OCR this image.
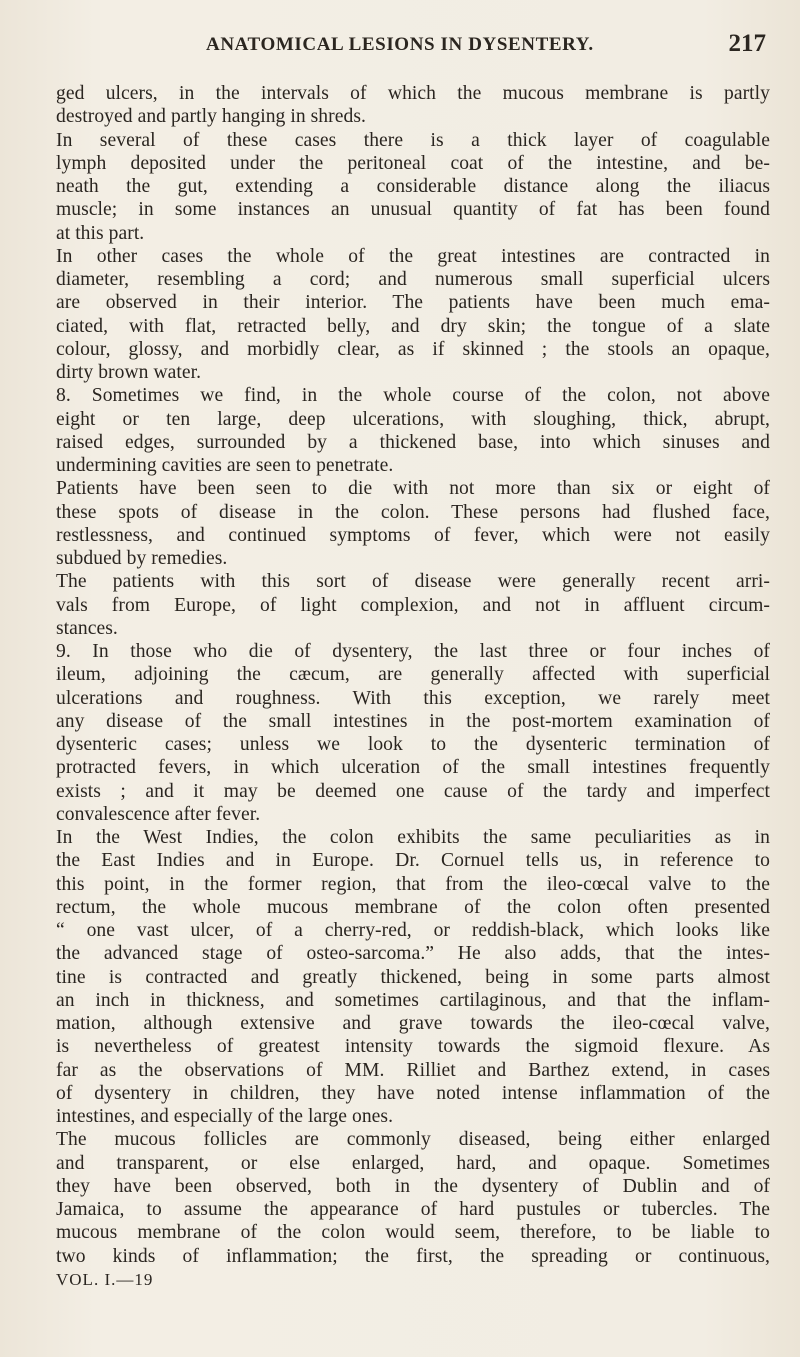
ANATOMICAL LESIONS IN DYSENTERY.	217
ged ulcers, in the intervals of which the mucous membrane is partly
destroyed and partly hanging in shreds.
In several of these cases there is a thick layer of coagulable
lymph deposited under the peritoneal coat of the intestine, and be-
neath the gut, extending a considerable distance along the iliacus
muscle; in some instances an unusual quantity of fat has been found
at this part.
In other cases the whole of the great intestines are contracted in
diameter, resembling a cord; and numerous small superficial ulcers
are observed in their interior. The patients have been much ema-
ciated, with flat, retracted belly, and dry skin; the tongue of a slate
colour, glossy, and morbidly clear, as if skinned ; the stools an opaque,
dirty brown water.
8. Sometimes we find, in the whole course of the colon, not above
eight or ten large, deep ulcerations, with sloughing, thick, abrupt,
raised edges, surrounded by a thickened base, into which sinuses and
undermining cavities are seen to penetrate.
Patients have been seen to die with not more than six or eight of
these spots of disease in the colon. These persons had flushed face,
restlessness, and continued symptoms of fever, which were not easily
subdued by remedies.
The patients with this sort of disease were generally recent arri-
vals from Europe, of light complexion, and not in affluent circum-
stances.
9. In those who die of dysentery, the last three or four inches of
ileum, adjoining the cæcum, are generally affected with superficial
ulcerations and roughness. With this exception, we rarely meet
any disease of the small intestines in the post-mortem examination of
dysenteric cases; unless we look to the dysenteric termination of
protracted fevers, in which ulceration of the small intestines frequently
exists ; and it may be deemed one cause of the tardy and imperfect
convalescence after fever.
In the West Indies, the colon exhibits the same peculiarities as in
the East Indies and in Europe. Dr. Cornuel tells us, in reference to
this point, in the former region, that from the ileo-cœcal valve to the
rectum, the whole mucous membrane of the colon often presented
“ one vast ulcer, of a cherry-red, or reddish-black, which looks like
the advanced stage of osteo-sarcoma.” He also adds, that the intes-
tine is contracted and greatly thickened, being in some parts almost
an inch in thickness, and sometimes cartilaginous, and that the inflam-
mation, although extensive and grave towards the ileo-cœcal valve,
is nevertheless of greatest intensity towards the sigmoid flexure. As
far as the observations of MM. Rilliet and Barthez extend, in cases
of dysentery in children, they have noted intense inflammation of the
intestines, and especially of the large ones.
The mucous follicles are commonly diseased, being either enlarged
and transparent, or else enlarged, hard, and opaque. Sometimes
they have been observed, both in the dysentery of Dublin and of
Jamaica, to assume the appearance of hard pustules or tubercles. The
mucous membrane of the colon would seem, therefore, to be liable to
two kinds of inflammation; the first, the spreading or continuous,
VOL. I.—19
